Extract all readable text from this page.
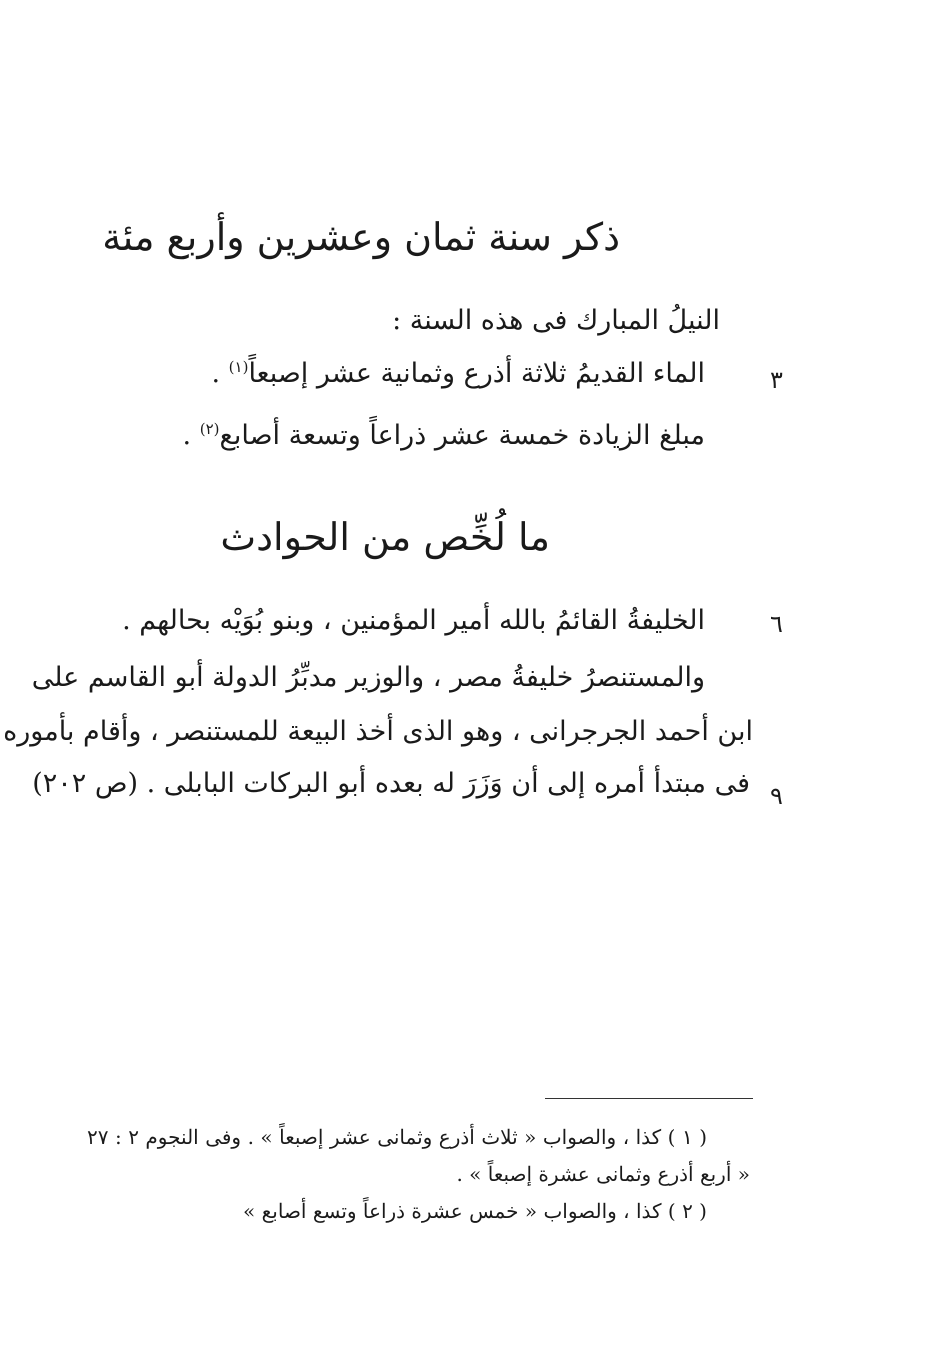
ذكر سنة ثمان وعشرين وأربع مئة
النيلُ المبارك فى هذه السنة :
الماء القديمُ ثلاثة أذرع وثمانية عشر إصبعاً$^{(١)}$ .	٣
مبلغ الزيادة خمسة عشر ذراعاً وتسعة أصابع$^{(٢)}$ .
ما لُخِّص من الحوادث
الخليفةُ القائمُ بالله أمير المؤمنين ، وبنو بُوَيْه بحالهم .	٦
والمستنصرُ خليفةُ مصر ، والوزير مدبِّرُ الدولة أبو القاسم على
ابن أحمد الجرجرانى ، وهو الذى أخذ البيعة للمستنصر ، وأقام بأموره
فى مبتدأ أمره إلى أن وَزَرَ له بعده أبو البركات البابلى . (ص ٢٠٢) ٩
( ١ ) كذا ، والصواب « ثلاث أذرع وثمانى عشر إصبعاً » . وفى النجوم ٢ : ٢٧
« أربع أذرع وثمانى عشرة إصبعاً » .
( ٢ ) كذا ، والصواب « خمس عشرة ذراعاً وتسع أصابع »
